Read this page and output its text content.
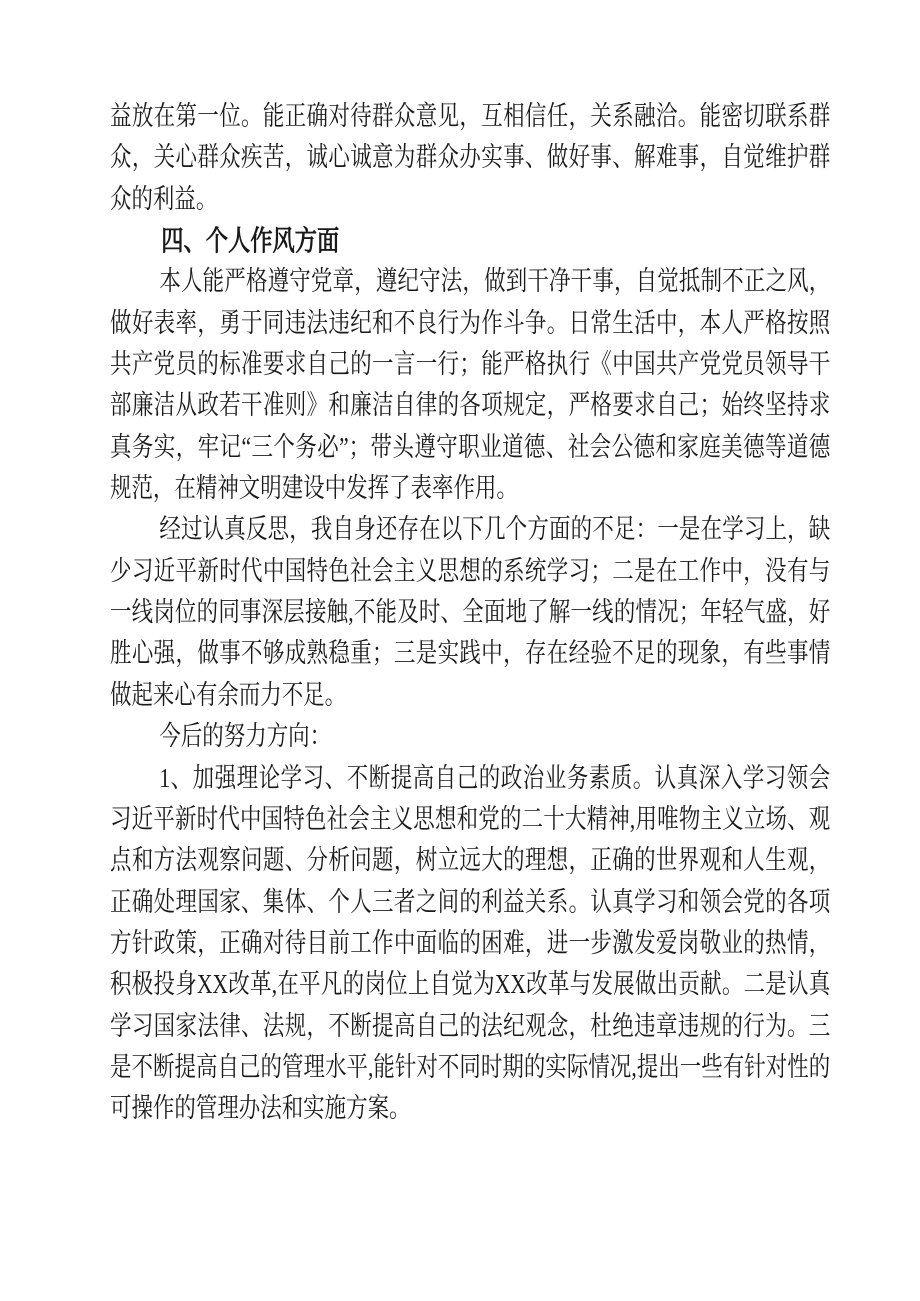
益放在第一位。能正确对待群众意见，互相信任，关系融洽。能密切联系群众，关心群众疾苦，诚心诚意为群众办实事、做好事、解难事，自觉维护群众的利益。

四、个人作风方面

本人能严格遵守党章，遵纪守法，做到干净干事，自觉抵制不正之风，做好表率，勇于同违法违纪和不良行为作斗争。日常生活中，本人严格按照共产党员的标准要求自己的一言一行；能严格执行《中国共产党党员领导干部廉洁从政若干准则》和廉洁自律的各项规定，严格要求自己；始终坚持求真务实，牢记“三个务必”；带头遵守职业道德、社会公德和家庭美德等道德规范，在精神文明建设中发挥了表率作用。

经过认真反思，我自身还存在以下几个方面的不足：一是在学习上，缺少习近平新时代中国特色社会主义思想的系统学习；二是在工作中，没有与一线岗位的同事深层接触,不能及时、全面地了解一线的情况；年轻气盛，好胜心强，做事不够成熟稳重；三是实践中，存在经验不足的现象，有些事情做起来心有余而力不足。

今后的努力方向：

1、加强理论学习、不断提高自己的政治业务素质。认真深入学习领会习近平新时代中国特色社会主义思想和党的二十大精神,用唯物主义立场、观点和方法观察问题、分析问题，树立远大的理想，正确的世界观和人生观，正确处理国家、集体、个人三者之间的利益关系。认真学习和领会党的各项方针政策，正确对待目前工作中面临的困难，进一步激发爱岗敬业的热情，积极投身XX改革,在平凡的岗位上自觉为XX改革与发展做出贡献。二是认真学习国家法律、法规，不断提高自己的法纪观念，杜绝违章违规的行为。三是不断提高自己的管理水平,能针对不同时期的实际情况,提出一些有针对性的可操作的管理办法和实施方案。
